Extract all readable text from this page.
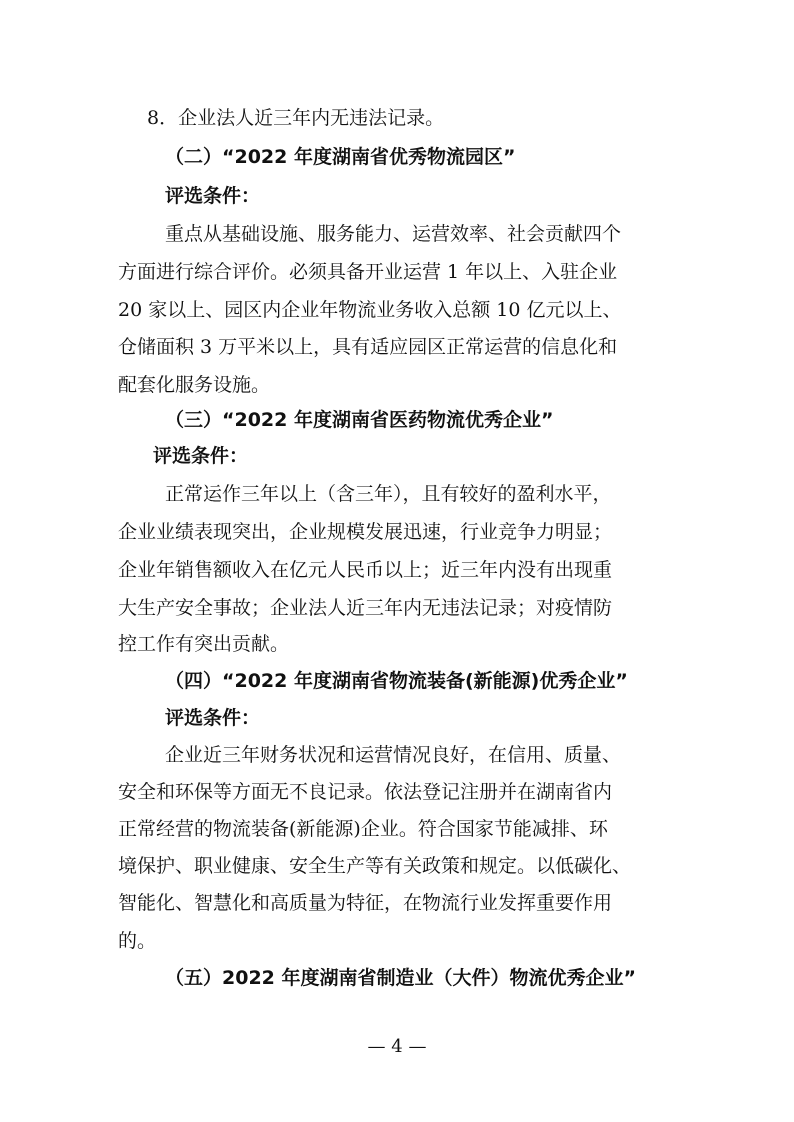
8．企业法人近三年内无违法记录。
（二）“2022 年度湖南省优秀物流园区”
评选条件：
重点从基础设施、服务能力、运营效率、社会贡献四个
方面进行综合评价。必须具备开业运营 1 年以上、入驻企业
20 家以上、园区内企业年物流业务收入总额 10 亿元以上、
仓储面积 3 万平米以上，具有适应园区正常运营的信息化和
配套化服务设施。
（三）“2022 年度湖南省医药物流优秀企业”
评选条件：
正常运作三年以上（含三年），且有较好的盈利水平，
企业业绩表现突出，企业规模发展迅速，行业竞争力明显；
企业年销售额收入在亿元人民币以上；近三年内没有出现重
大生产安全事故；企业法人近三年内无违法记录；对疫情防
控工作有突出贡献。
（四）“2022 年度湖南省物流装备(新能源)优秀企业”
评选条件：
企业近三年财务状况和运营情况良好，在信用、质量、
安全和环保等方面无不良记录。依法登记注册并在湖南省内
正常经营的物流装备(新能源)企业。符合国家节能减排、环
境保护、职业健康、安全生产等有关政策和规定。以低碳化、
智能化、智慧化和高质量为特征，在物流行业发挥重要作用
的。
（五）2022 年度湖南省制造业（大件）物流优秀企业”
— 4 —
